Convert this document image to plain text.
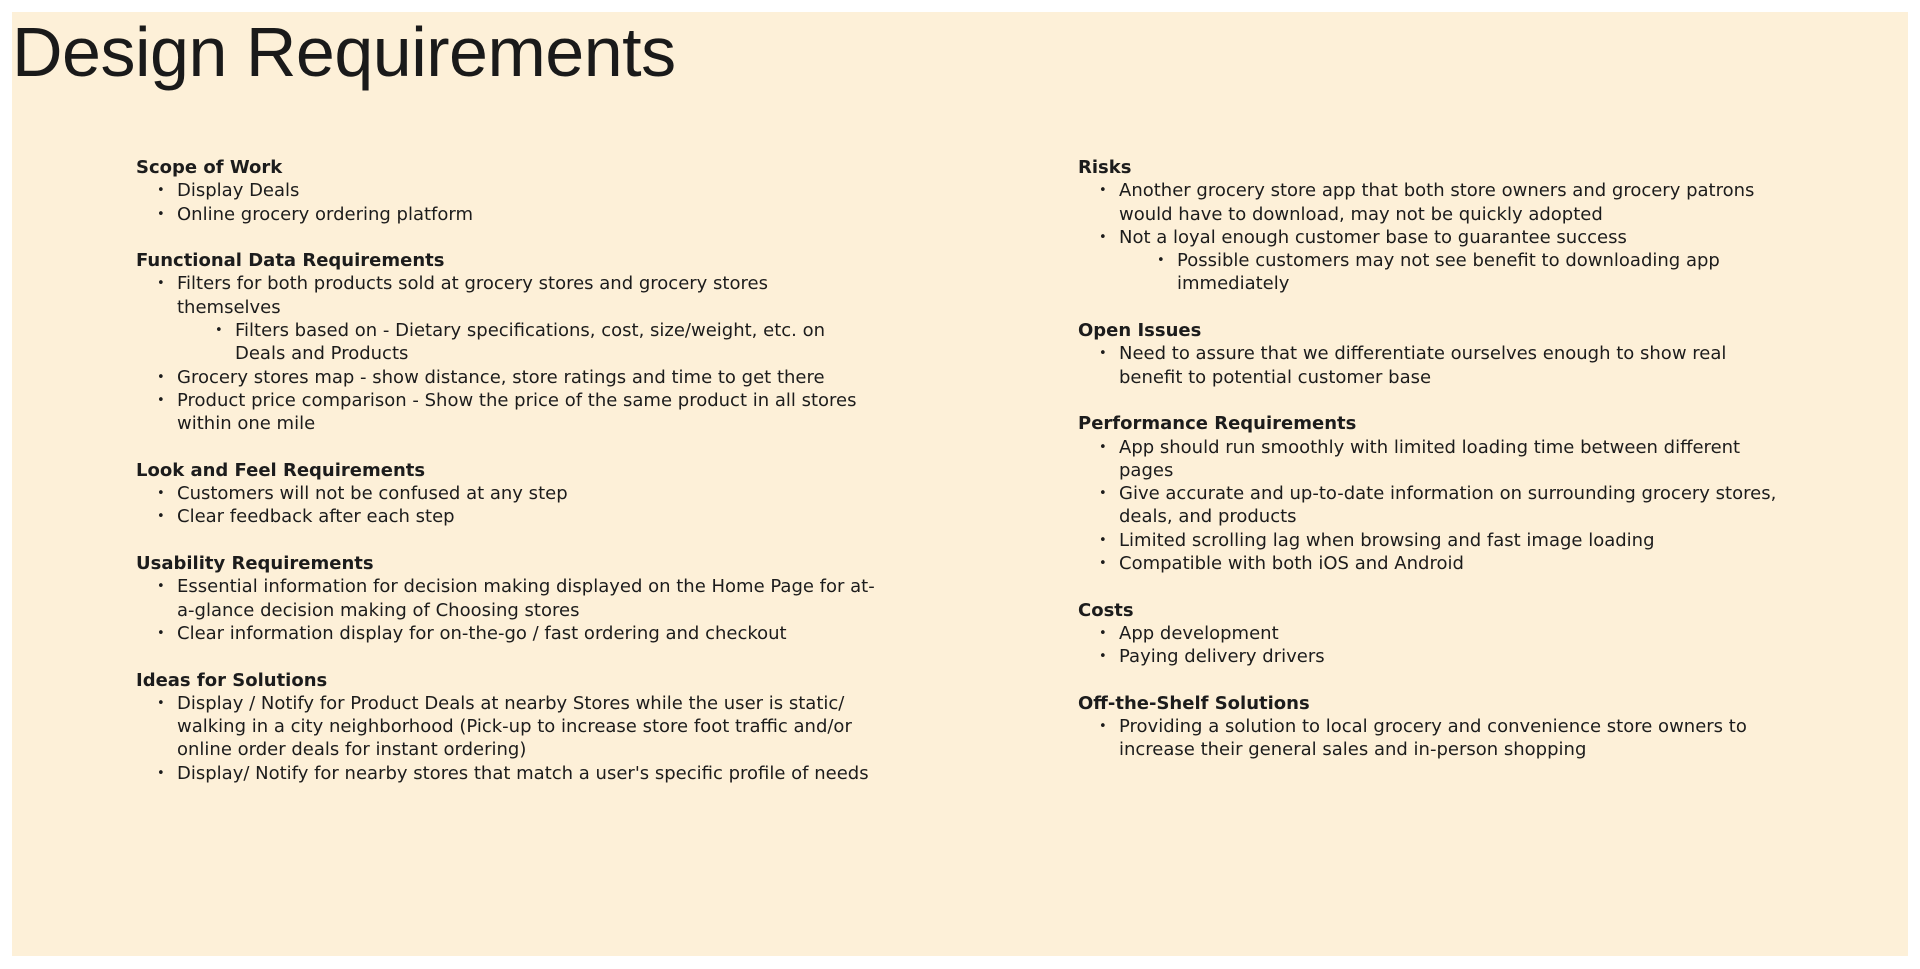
Design Requirements

Scope of Work

• Display Deals
• Online grocery ordering platform

Functional Data Requirements

• Filters for both products sold at grocery stores and grocery stores themselves
• Filters based on - Dietary specifications, cost, size/weight, etc. on Deals and Products
• Grocery stores map - show distance, store ratings and time to get there
• Product price comparison - Show the price of the same product in all stores within one mile

Look and Feel Requirements

• Customers will not be confused at any step
• Clear feedback after each step

Usability Requirements

• Essential information for decision making displayed on the Home Page for at-a-glance decision making of Choosing stores
• Clear information display for on-the-go / fast ordering and checkout

Ideas for Solutions

• Display / Notify for Product Deals at nearby Stores while the user is static/ walking in a city neighborhood (Pick-up to increase store foot traffic and/or online order deals for instant ordering)
• Display/ Notify for nearby stores that match a user's specific profile of needs

Risks

• Another grocery store app that both store owners and grocery patrons would have to download, may not be quickly adopted
• Not a loyal enough customer base to guarantee success
• Possible customers may not see benefit to downloading app immediately

Open Issues

• Need to assure that we differentiate ourselves enough to show real benefit to potential customer base

Performance Requirements

• App should run smoothly with limited loading time between different pages
• Give accurate and up-to-date information on surrounding grocery stores, deals, and products
• Limited scrolling lag when browsing and fast image loading
• Compatible with both iOS and Android

Costs

• App development
• Paying delivery drivers

Off-the-Shelf Solutions

• Providing a solution to local grocery and convenience store owners to increase their general sales and in-person shopping
